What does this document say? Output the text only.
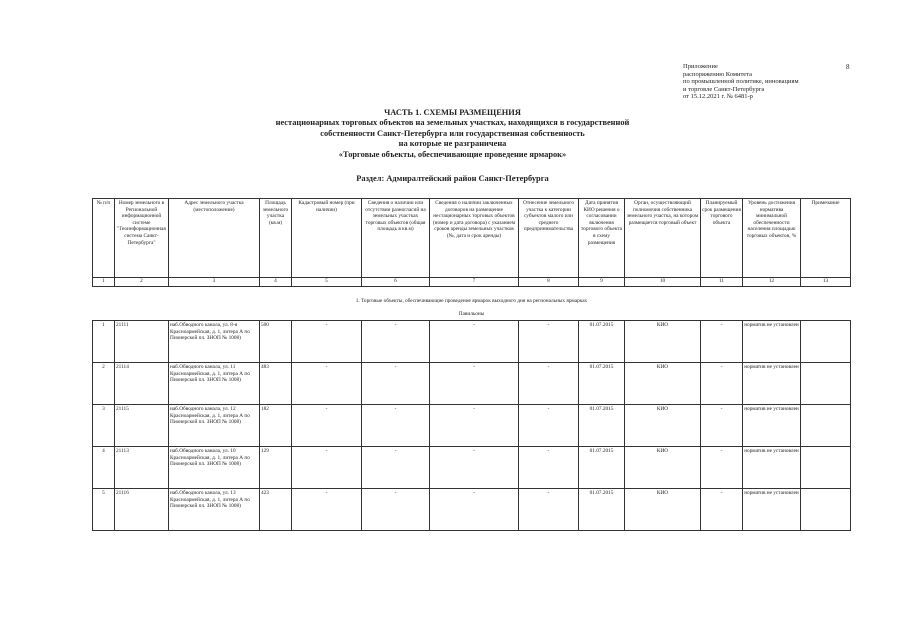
8
Приложение
распоряжению Комитета
по промышленной политике, инновациям
и торговле Санкт-Петербурга
от 15.12.2021 г. № 6481-р
ЧАСТЬ 1. СХЕМЫ РАЗМЕЩЕНИЯ
нестационарных торговых объектов на земельных участках, находящихся в государственной
собственности Санкт-Петербурга или государственная собственность
на которые не разграничена
«Торговые объекты, обеспечивающие проведение ярмарок»
Раздел: Адмиралтейский район Санкт-Петербурга
№ п/п	Номер земельного в Региональной информационной системе "Геоинформационная система Санкт-Петербурга"	Адрес земельного участка (местоположение)	Площадь земельного участка (кв.м)	Кадастровый номер (при наличии)	Сведения о наличии или отсутствии разногласий на земельных участках торговых объектов (общая площадь в кв.м)	Сведения о наличии заключенных договоров на размещение нестационарных торговых объектов (номер и дата договора) с указанием сроков аренды земельных участков (№, дата и срок аренды)	Отнесение земельного участка к категории субъектов малого или среднего предпринимательства	Дата принятия КИО решения о согласовании включения торгового объекта в схему размещения	Орган, осуществляющий полномочия собственника земельного участка, на котором размещается торговый объект	Планируемый срок размещения торгового объекта	Уровень достижения норматива минимальной обеспеченности населения площадью торговых объектов, %	Примечание
1	2	3	4	5	6	7	8	9	10	11	12	13
1. Торговые объекты, обеспечивающие проведение ярмарок выходного дня на региональных ярмарках												
Павильоны												
1	21111	наб.Обводного канала, ул. 8-я Красноармейская, д. 1, литера А по Пионерской пл. ЗНОП № 1008)	500	-	-	-	-	01.07.2015	КИО	-	норматив не установлен	
2	21114	наб.Обводного канала, ул. 11 Красноармейская, д. 1, литера А по Пионерской пл. ЗНОП № 1008)	483	-	-	-	-	01.07.2015	КИО	-	норматив не установлен	
3	21115	наб.Обводного канала, ул. 12 Красноармейская, д. 1, литера А по Пионерской пл. ЗНОП № 1008)	182	-	-	-	-	01.07.2015	КИО	-	норматив не установлен	
4	21113	наб.Обводного канала, ул. 10 Красноармейская, д. 1, литера А по Пионерской пл. ЗНОП № 1008)	129	-	-	-	-	01.07.2015	КИО	-	норматив не установлен	
5	21116	наб.Обводного канала, ул. 13 Красноармейская, д. 1, литера А по Пионерской пл. ЗНОП № 1008)	423	-	-	-	-	01.07.2015	КИО	-	норматив не установлен	
